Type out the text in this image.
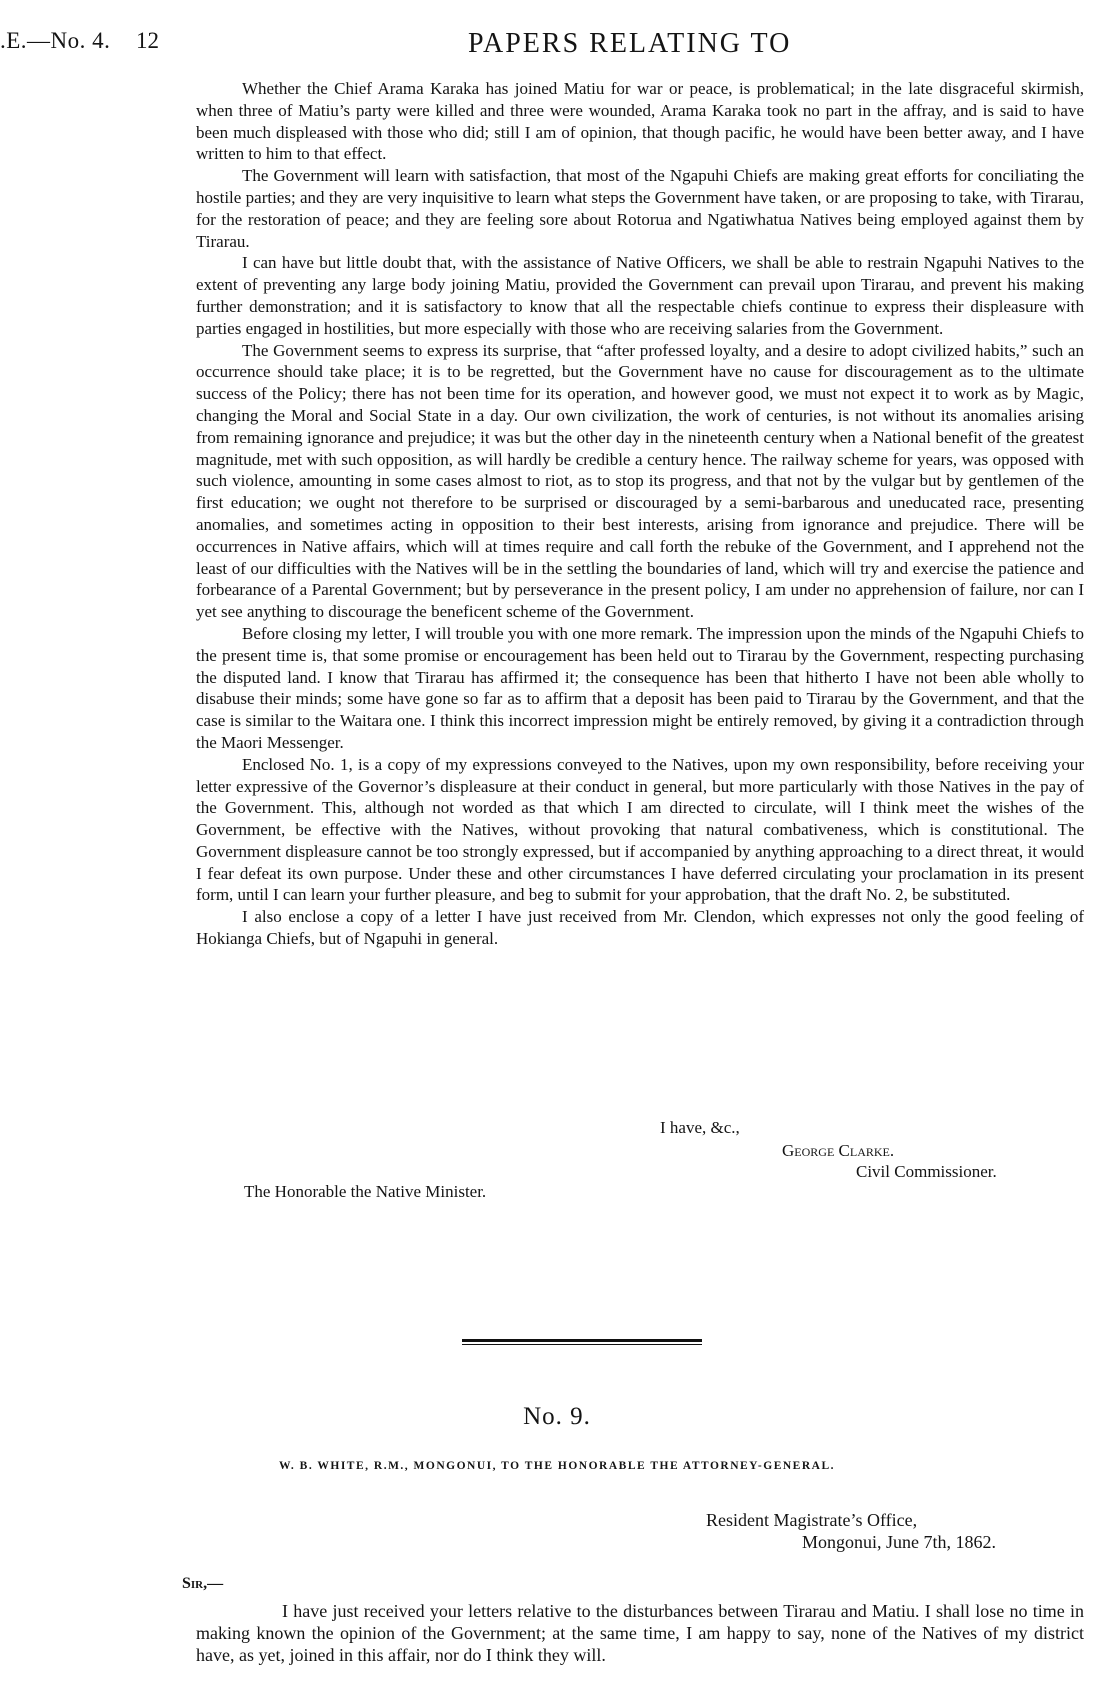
.E.—No. 4. 12	PAPERS RELATING TO

Whether the Chief Arama Karaka has joined Matiu for war or peace, is problematical; in the late disgraceful skirmish, when three of Matiu’s party were killed and three were wounded, Arama Karaka took no part in the affray, and is said to have been much displeased with those who did; still I am of opinion, that though pacific, he would have been better away, and I have written to him to that effect.

The Government will learn with satisfaction, that most of the Ngapuhi Chiefs are making great efforts for conciliating the hostile parties; and they are very inquisitive to learn what steps the Government have taken, or are proposing to take, with Tirarau, for the restoration of peace; and they are feeling sore about Rotorua and Ngatiwhatua Natives being employed against them by Tirarau.

I can have but little doubt that, with the assistance of Native Officers, we shall be able to restrain Ngapuhi Natives to the extent of preventing any large body joining Matiu, provided the Government can prevail upon Tirarau, and prevent his making further demonstration; and it is satisfactory to know that all the respectable chiefs continue to express their displeasure with parties engaged in hostilities, but more especially with those who are receiving salaries from the Government.

The Government seems to express its surprise, that “after professed loyalty, and a desire to adopt civilized habits,” such an occurrence should take place; it is to be regretted, but the Government have no cause for discouragement as to the ultimate success of the Policy; there has not been time for its operation, and however good, we must not expect it to work as by Magic, changing the Moral and Social State in a day. Our own civilization, the work of centuries, is not without its anomalies arising from remaining ignorance and prejudice; it was but the other day in the nineteenth century when a National benefit of the greatest magnitude, met with such opposition, as will hardly be credible a century hence. The railway scheme for years, was opposed with such violence, amounting in some cases almost to riot, as to stop its progress, and that not by the vulgar but by gentlemen of the first education; we ought not therefore to be surprised or discouraged by a semi-barbarous and uneducated race, presenting anomalies, and sometimes acting in opposition to their best interests, arising from ignorance and prejudice. There will be occurrences in Native affairs, which will at times require and call forth the rebuke of the Government, and I apprehend not the least of our difficulties with the Natives will be in the settling the boundaries of land, which will try and exercise the patience and forbearance of a Parental Government; but by perseverance in the present policy, I am under no apprehension of failure, nor can I yet see anything to discourage the beneficent scheme of the Government.

Before closing my letter, I will trouble you with one more remark. The impression upon the minds of the Ngapuhi Chiefs to the present time is, that some promise or encouragement has been held out to Tirarau by the Government, respecting purchasing the disputed land. I know that Tirarau has affirmed it; the consequence has been that hitherto I have not been able wholly to disabuse their minds; some have gone so far as to affirm that a deposit has been paid to Tirarau by the Government, and that the case is similar to the Waitara one. I think this incorrect impression might be entirely removed, by giving it a contradiction through the Maori Messenger.

Enclosed No. 1, is a copy of my expressions conveyed to the Natives, upon my own responsibility, before receiving your letter expressive of the Governor’s displeasure at their conduct in general, but more particularly with those Natives in the pay of the Government. This, although not worded as that which I am directed to circulate, will I think meet the wishes of the Government, be effective with the Natives, without provoking that natural combativeness, which is constitutional. The Government displeasure cannot be too strongly expressed, but if accompanied by anything approaching to a direct threat, it would I fear defeat its own purpose. Under these and other circumstances I have deferred circulating your proclamation in its present form, until I can learn your further pleasure, and beg to submit for your approbation, that the draft No. 2, be substituted.

I also enclose a copy of a letter I have just received from Mr. Clendon, which expresses not only the good feeling of Hokianga Chiefs, but of Ngapuhi in general.

I have, &c.,
George Clarke.
Civil Commissioner.
The Honorable the Native Minister.
No. 9.
W. B. WHITE, R.M., MONGONUI, TO THE HONORABLE THE ATTORNEY-GENERAL.
Resident Magistrate’s Office,
Mongonui, June 7th, 1862.
Sir,—

I have just received your letters relative to the disturbances between Tirarau and Matiu. I shall lose no time in making known the opinion of the Government; at the same time, I am happy to say, none of the Natives of my district have, as yet, joined in this affair, nor do I think they will.
